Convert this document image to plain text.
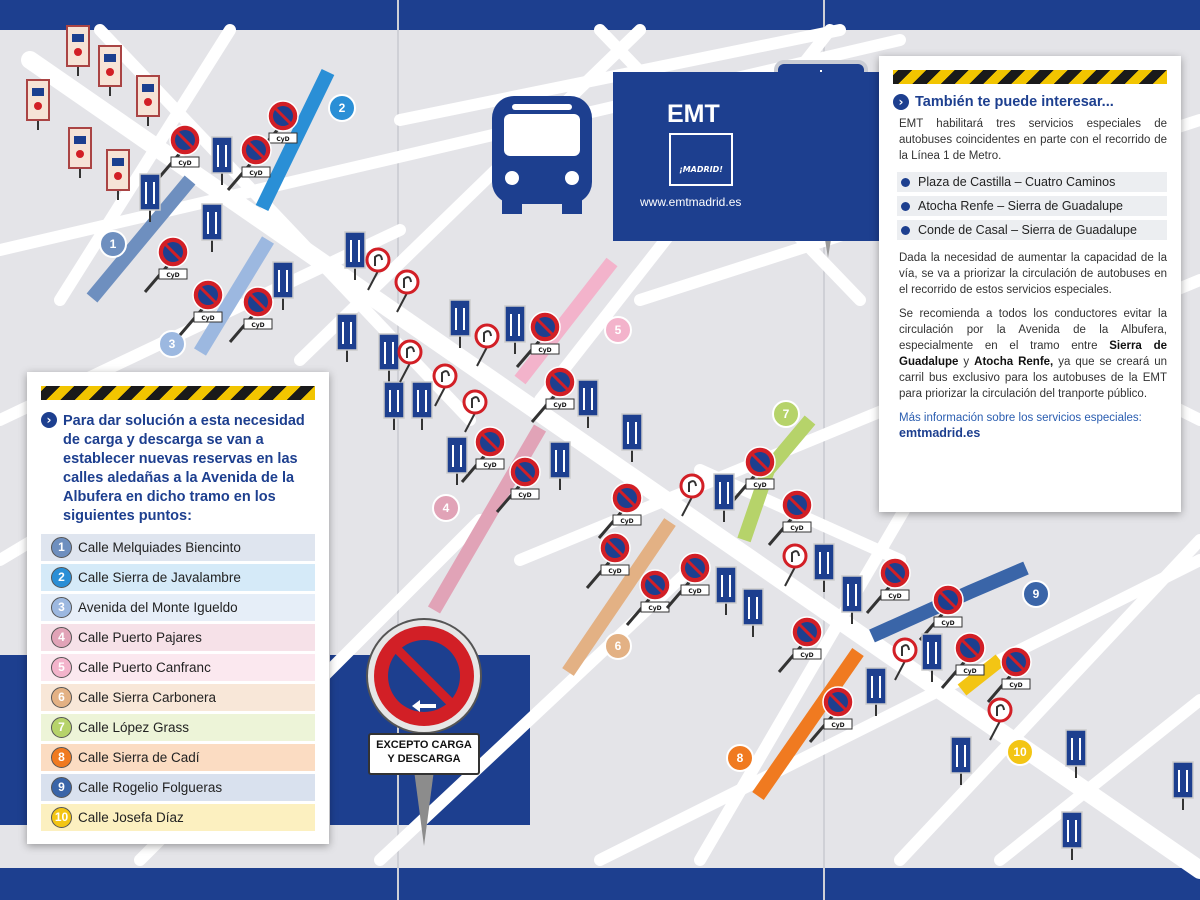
1
2
3
4
5
6
7
8
9
10
CyD
CyD
CyD
CyD
CyD
CyD
CyD
CyD
CyD
CyD
CyD
CyD
CyD
CyD
CyD
CyD
CyD
CyD
CyD
CyD
CyD
CyD
EXCEPTO CARGA
Y DESCARGA
EMT
¡MADRID!
www.emtmadrid.es
› Para dar solución a esta necesidad de carga y descarga se van a establecer nuevas reservas en las calles aledañas a la Avenida de la Albufera en dicho tramo en los siguientes puntos:
1 Calle Melquiades Biencinto
2 Calle Sierra de Javalambre
3 Avenida del Monte Igueldo
4 Calle Puerto Pajares
5 Calle Puerto Canfranc
6 Calle Sierra Carbonera
7 Calle López Grass
8 Calle Sierra de Cadí
9 Calle Rogelio Folgueras
10 Calle Josefa Díaz
› También te puede interesar...
EMT habilitará tres servicios especiales de autobuses coincidentes en parte con el recorrido de la Línea 1 de Metro.
Plaza de Castilla – Cuatro Caminos
Atocha Renfe – Sierra de Guadalupe
Conde de Casal – Sierra de Guadalupe
Dada la necesidad de aumentar la capacidad de la vía, se va a priorizar la circulación de autobuses en el recorrido de estos servicios especiales.
Se recomienda a todos los conductores evitar la circulación por la Avenida de la Albufera, especialmente en el tramo entre Sierra de Guadalupe y Atocha Renfe, ya que se creará un carril bus exclusivo para los autobuses de la EMT para priorizar la circulación del tranporte público.
Más información sobre los servicios especiales:
emtmadrid.es
